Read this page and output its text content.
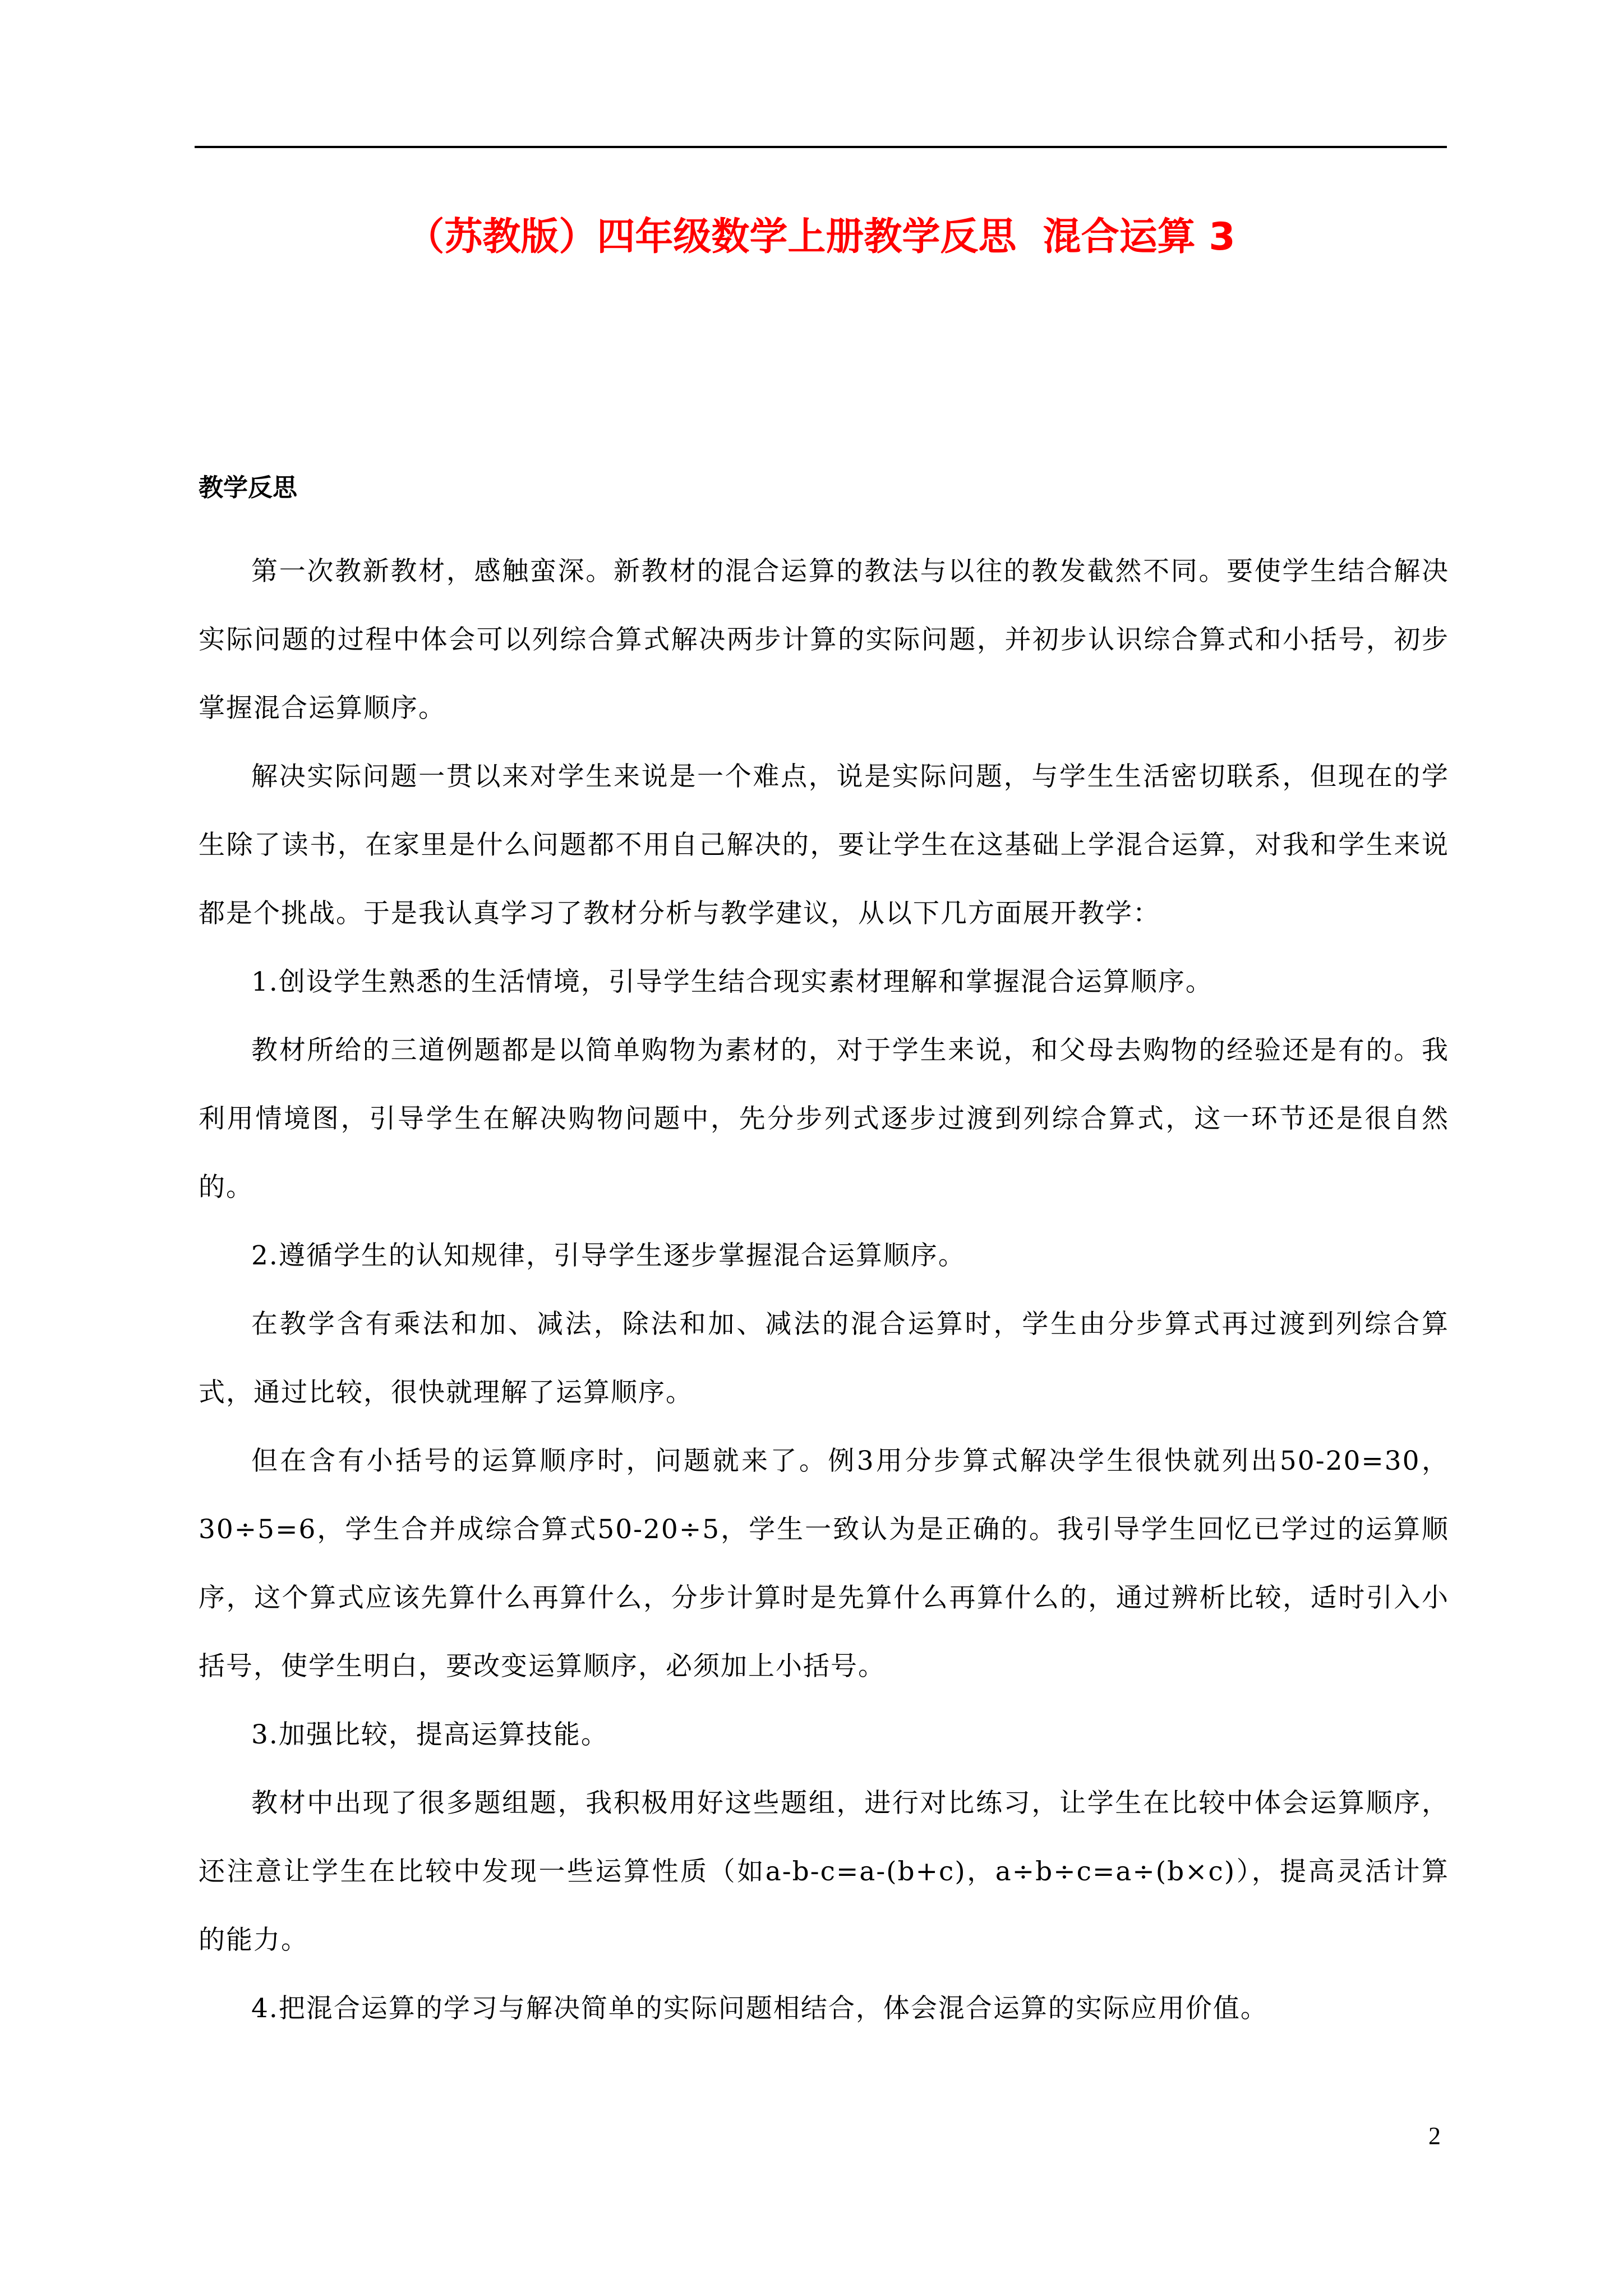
（苏教版）四年级数学上册教学反思  混合运算 3

教学反思

第一次教新教材，感触蛮深。新教材的混合运算的教法与以往的教发截然不同。要使学生结合解决实际问题的过程中体会可以列综合算式解决两步计算的实际问题，并初步认识综合算式和小括号，初步掌握混合运算顺序。

解决实际问题一贯以来对学生来说是一个难点，说是实际问题，与学生生活密切联系，但现在的学生除了读书，在家里是什么问题都不用自己解决的，要让学生在这基础上学混合运算，对我和学生来说都是个挑战。于是我认真学习了教材分析与教学建议，从以下几方面展开教学：

1.创设学生熟悉的生活情境，引导学生结合现实素材理解和掌握混合运算顺序。

教材所给的三道例题都是以简单购物为素材的，对于学生来说，和父母去购物的经验还是有的。我利用情境图，引导学生在解决购物问题中，先分步列式逐步过渡到列综合算式，这一环节还是很自然的。

2.遵循学生的认知规律，引导学生逐步掌握混合运算顺序。

在教学含有乘法和加、减法，除法和加、减法的混合运算时，学生由分步算式再过渡到列综合算式，通过比较，很快就理解了运算顺序。

但在含有小括号的运算顺序时，问题就来了。例3用分步算式解决学生很快就列出50-20=30，30÷5=6，学生合并成综合算式50-20÷5，学生一致认为是正确的。我引导学生回忆已学过的运算顺序，这个算式应该先算什么再算什么，分步计算时是先算什么再算什么的，通过辨析比较，适时引入小括号，使学生明白，要改变运算顺序，必须加上小括号。

3.加强比较，提高运算技能。

教材中出现了很多题组题，我积极用好这些题组，进行对比练习，让学生在比较中体会运算顺序，还注意让学生在比较中发现一些运算性质（如a-b-c=a-(b+c)，a÷b÷c=a÷(b×c)），提高灵活计算的能力。

4.把混合运算的学习与解决简单的实际问题相结合，体会混合运算的实际应用价值。

2
